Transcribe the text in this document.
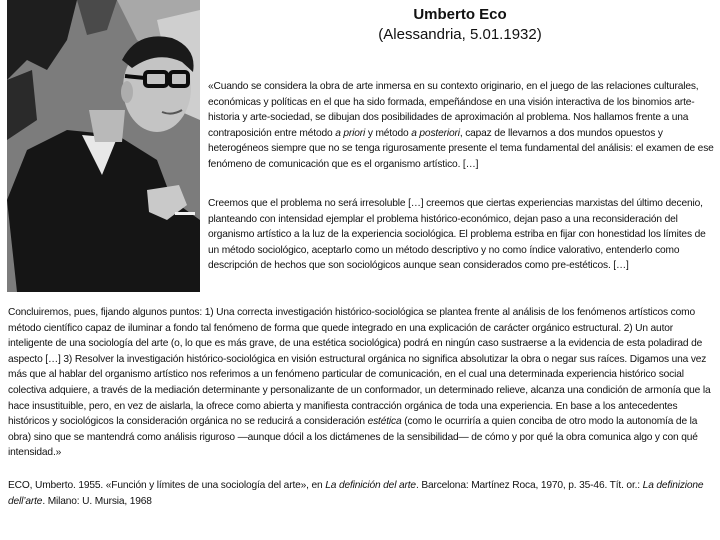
Umberto Eco
(Alessandria, 5.01.1932)

«Cuando se considera la obra de arte inmersa en su contexto originario, en el juego de las relaciones culturales, económicas y políticas en el que ha sido formada, empeñándose en una visión interactiva de los binomios arte-historia y arte-sociedad, se dibujan dos posibilidades de aproximación al problema. Nos hallamos frente a una contraposición entre método a priori y método a posteriori, capaz de llevarnos a dos mundos opuestos y heterogéneos siempre que no se tenga rigurosamente presente el tema fundamental del análisis: el examen de ese fenómeno de comunicación que es el organismo artístico. […]

Creemos que el problema no será irresoluble […] creemos que ciertas experiencias marxistas del último decenio, planteando con intensidad ejemplar el problema histórico-económico, dejan paso a una reconsideración del organismo artístico a la luz de la experiencia sociológica. El problema estriba en fijar con honestidad los límites de un método sociológico, aceptarlo como un método descriptivo y no como índice valorativo, entenderlo como descripción de hechos que son sociológicos aunque sean considerados como pre-estéticos. […]

Concluiremos, pues, fijando algunos puntos: 1) Una correcta investigación histórico-sociológica se plantea frente al análisis de los fenómenos artísticos como método científico capaz de iluminar a fondo tal fenómeno de forma que quede integrado en una explicación de carácter orgánico estructural. 2) Un autor inteligente de una sociología del arte (o, lo que es más grave, de una estética sociológica) podrá en ningún caso sustraerse a la evidencia de esta poladirad de aspecto […] 3) Resolver la investigación histórico-sociológica en visión estructural orgánica no significa absolutizar la obra o negar sus raíces. Digamos una vez más que al hablar del organismo artístico nos referimos a un fenómeno particular de comunicación, en el cual una determinada experiencia histórico social colectiva adquiere, a través de la mediación determinante y personalizante de un conformador, un determinado relieve, alcanza una condición de armonía que la hace insustituible, pero, en vez de aislarla, la ofrece como abierta y manifiesta contracción orgánica de toda una experiencia. En base a los antecedentes históricos y sociológicos la consideración orgánica no se reducirá a consideración estética (como le ocurriría a quien conciba de otro modo la autonomía de la obra) sino que se mantendrá como análisis riguroso —aunque dócil a los dictámenes de la sensibilidad— de cómo y por qué la obra comunica algo y con qué intensidad.»

ECO, Umberto. 1955. «Función y límites de una sociología del arte», en La definición del arte. Barcelona: Martínez Roca, 1970, p. 35-46. Tít. or.: La definizione dell’arte. Milano: U. Mursia, 1968
